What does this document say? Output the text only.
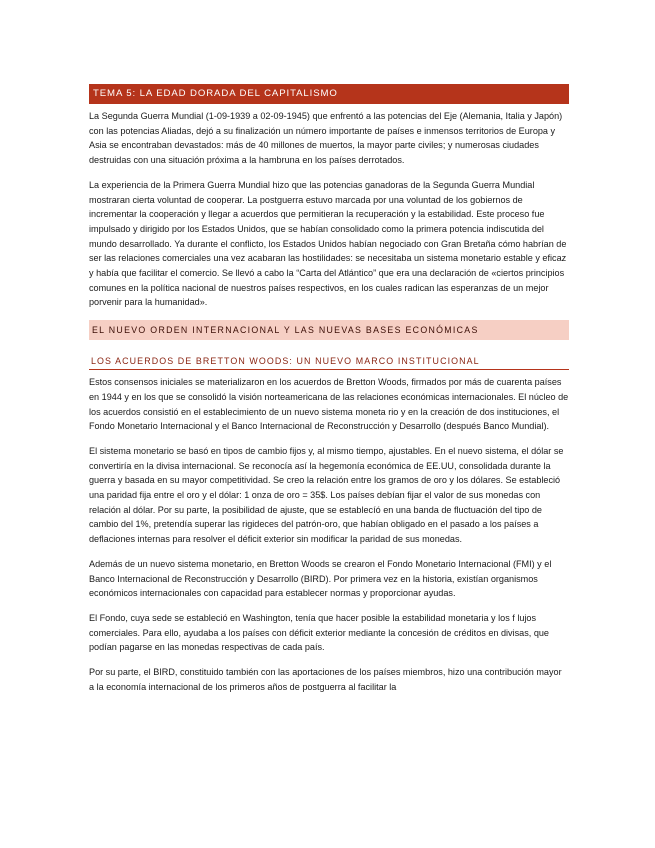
TEMA 5: LA EDAD DORADA DEL CAPITALISMO

La Segunda Guerra Mundial (1-09-1939 a 02-09-1945) que enfrentó a las potencias del Eje (Alemania, Italia y Japón) con las potencias Aliadas, dejó a su finalización un número importante de países e inmensos territorios de Europa y Asia se encontraban devastados: más de 40 millones de muertos, la mayor parte civiles; y numerosas ciudades destruidas con una situación próxima a la hambruna en los países derrotados.

La experiencia de la Primera Guerra Mundial hizo que las potencias ganadoras de la Segunda Guerra Mundial mostraran cierta voluntad de cooperar. La postguerra estuvo marcada por una voluntad de los gobiernos de incrementar la cooperación y llegar a acuerdos que permitieran la recuperación y la estabilidad. Este proceso fue impulsado y dirigido por los Estados Unidos, que se habían consolidado como la primera potencia indiscutida del mundo desarrollado. Ya durante el conflicto, los Estados Unidos habían negociado con Gran Bretaña cómo habrían de ser las relaciones comerciales una vez acabaran las hostilidades: se necesitaba un sistema monetario estable y eficaz y había que facilitar el comercio. Se llevó a cabo la “Carta del Atlántico” que era una declaración de «ciertos principios comunes en la política nacional de nuestros países respectivos, en los cuales radican las esperanzas de un mejor porvenir para la humanidad».

EL NUEVO ORDEN INTERNACIONAL Y LAS NUEVAS BASES ECONÓMICAS
LOS ACUERDOS DE BRETTON WOODS: UN NUEVO MARCO INSTITUCIONAL

Estos consensos iniciales se materializaron en los acuerdos de Bretton Woods, firmados por más de cuarenta países en 1944 y en los que se consolidó la visión norteamericana de las relaciones económicas internacionales. El núcleo de los acuerdos consistió en el establecimiento de un nuevo sistema moneta rio y en la creación de dos instituciones, el Fondo Monetario Internacional y el Banco Internacional de Reconstrucción y Desarrollo (después Banco Mundial).

El sistema monetario se basó en tipos de cambio fijos y, al mismo tiempo, ajustables. En el nuevo sistema, el dólar se convertiría en la divisa internacional. Se reconocía así la hegemonía económica de EE.UU, consolidada durante la guerra y basada en su mayor competitividad. Se creo la relación entre los gramos de oro y los dólares. Se estableció una paridad fija entre el oro y el dólar: 1 onza de oro = 35$. Los países debían fijar el valor de sus monedas con relación al dólar. Por su parte, la posibilidad de ajuste, que se establecíó en una banda de fluctuación del tipo de cambio del 1%, pretendía superar las rigideces del patrón-oro, que habían obligado en el pasado a los países a deflaciones internas para resolver el déficit exterior sin modificar la paridad de sus monedas.

Además de un nuevo sistema monetario, en Bretton Woods se crearon el Fondo Monetario Internacional (FMI) y el Banco Internacional de Reconstrucción y Desarrollo (BIRD). Por primera vez en la historia, existían organismos económicos internacionales con capacidad para establecer normas y proporcionar ayudas.

El Fondo, cuya sede se estableció en Washington, tenía que hacer posible la estabilidad monetaria y los f lujos comerciales. Para ello, ayudaba a los países con déficit exterior mediante la concesión de créditos en divisas, que podían pagarse en las monedas respectivas de cada país.

Por su parte, el BIRD, constituido también con las aportaciones de los países miembros, hizo una contribución mayor a la economía internacional de los primeros años de postguerra al facilitar la
